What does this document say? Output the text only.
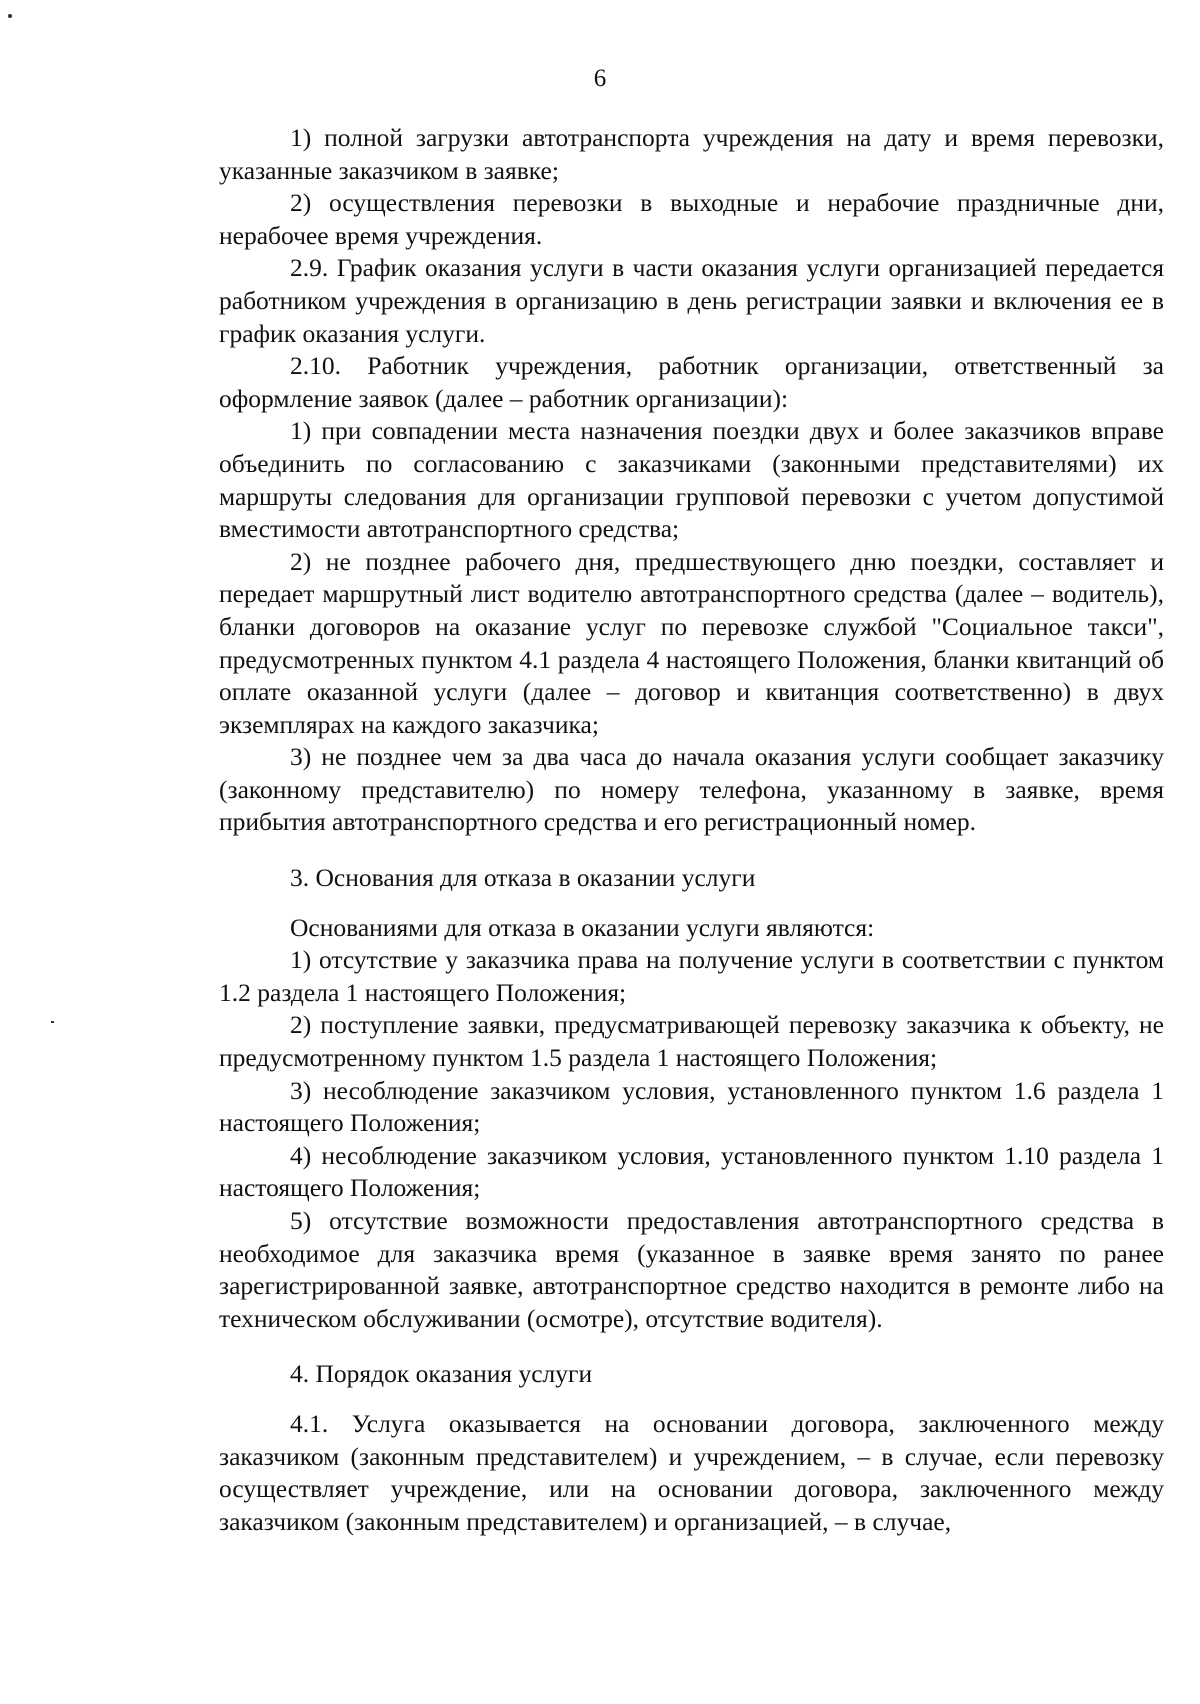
6

1) полной загрузки автотранспорта учреждения на дату и время перевозки, указанные заказчиком в заявке;

2) осуществления перевозки в выходные и нерабочие праздничные дни, нерабочее время учреждения.

2.9. График оказания услуги в части оказания услуги организацией передается работником учреждения в организацию в день регистрации заявки и включения ее в график оказания услуги.

2.10. Работник учреждения, работник организации, ответственный за оформление заявок (далее – работник организации):

1) при совпадении места назначения поездки двух и более заказчиков вправе объединить по согласованию с заказчиками (законными представителями) их маршруты следования для организации групповой перевозки с учетом допустимой вместимости автотранспортного средства;

2) не позднее рабочего дня, предшествующего дню поездки, составляет и передает маршрутный лист водителю автотранспортного средства (далее – водитель), бланки договоров на оказание услуг по перевозке службой "Социальное такси", предусмотренных пунктом 4.1 раздела 4 настоящего Положения, бланки квитанций об оплате оказанной услуги (далее – договор и квитанция соответственно) в двух экземплярах на каждого заказчика;

3) не позднее чем за два часа до начала оказания услуги сообщает заказчику (законному представителю) по номеру телефона, указанному в заявке, время прибытия автотранспортного средства и его регистрационный номер.

3. Основания для отказа в оказании услуги

Основаниями для отказа в оказании услуги являются:

1) отсутствие у заказчика права на получение услуги в соответствии с пунктом 1.2 раздела 1 настоящего Положения;

2) поступление заявки, предусматривающей перевозку заказчика к объекту, не предусмотренному пунктом 1.5 раздела 1 настоящего Положения;

3) несоблюдение заказчиком условия, установленного пунктом 1.6 раздела 1 настоящего Положения;

4) несоблюдение заказчиком условия, установленного пунктом 1.10 раздела 1 настоящего Положения;

5) отсутствие возможности предоставления автотранспортного средства в необходимое для заказчика время (указанное в заявке время занято по ранее зарегистрированной заявке, автотранспортное средство находится в ремонте либо на техническом обслуживании (осмотре), отсутствие водителя).

4. Порядок оказания услуги

4.1. Услуга оказывается на основании договора, заключенного между заказчиком (законным представителем) и учреждением, – в случае, если перевозку осуществляет учреждение, или на основании договора, заключенного между заказчиком (законным представителем) и организацией, – в случае,
